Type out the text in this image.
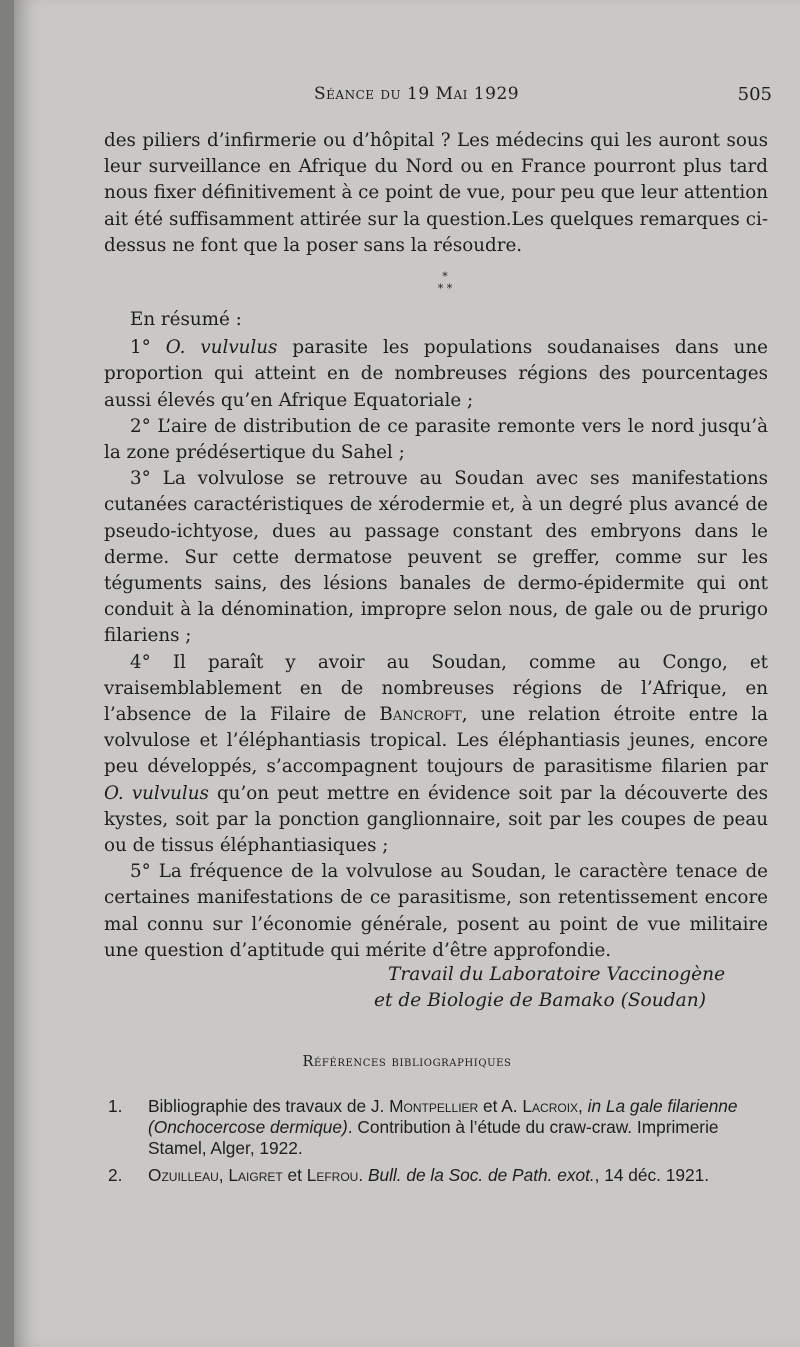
Séance du 19 Mai 1929	505

des piliers d’infirmerie ou d’hôpital ? Les médecins qui les auront sous leur surveillance en Afrique du Nord ou en France pourront plus tard nous fixer définitivement à ce point de vue, pour peu que leur attention ait été suffisamment attirée sur la question.Les quelques remarques ci-dessus ne font que la poser sans la résoudre.

*
* *

En résumé :

1° O. vulvulus parasite les populations soudanaises dans une proportion qui atteint en de nombreuses régions des pourcentages aussi élevés qu’en Afrique Equatoriale ;

2° L’aire de distribution de ce parasite remonte vers le nord jusqu’à la zone prédésertique du Sahel ;

3° La volvulose se retrouve au Soudan avec ses manifestations cutanées caractéristiques de xérodermie et, à un degré plus avancé de pseudo-ichtyose, dues au passage constant des embryons dans le derme. Sur cette dermatose peuvent se greffer, comme sur les téguments sains, des lésions banales de dermo-épidermite qui ont conduit à la dénomination, impropre selon nous, de gale ou de prurigo filariens ;

4° Il paraît y avoir au Soudan, comme au Congo, et vraisemblablement en de nombreuses régions de l’Afrique, en l’absence de la Filaire de Bancroft, une relation étroite entre la volvulose et l’éléphantiasis tropical. Les éléphantiasis jeunes, encore peu développés, s’accompagnent toujours de parasitisme filarien par O. vulvulus qu’on peut mettre en évidence soit par la découverte des kystes, soit par la ponction ganglionnaire, soit par les coupes de peau ou de tissus éléphantiasiques ;

5° La fréquence de la volvulose au Soudan, le caractère tenace de certaines manifestations de ce parasitisme, son retentissement encore mal connu sur l’économie générale, posent au point de vue militaire une question d’aptitude qui mérite d’être approfondie.

Travail du Laboratoire Vaccinogène
et de Biologie de Bamako (Soudan)
Références bibliographiques
1. Bibliographie des travaux de J. Montpellier et A. Lacroix, in La gale filarienne (Onchocercose dermique). Contribution à l’étude du craw-craw. Imprimerie Stamel, Alger, 1922.
2. Ozuilleau, Laigret et Lefrou. Bull. de la Soc. de Path. exot., 14 déc. 1921.
